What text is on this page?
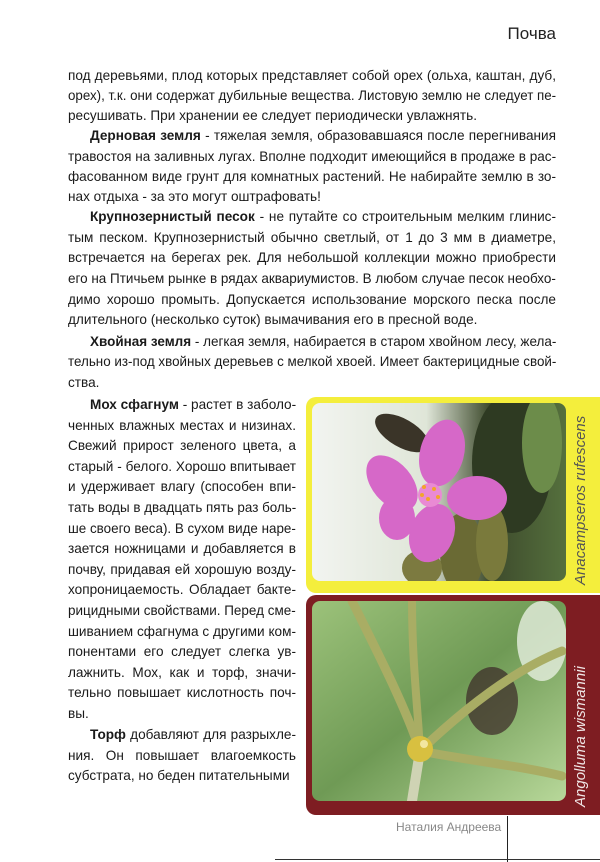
Почва
под деревьями, плод которых представляет собой орех (ольха, каштан, дуб,
орех), т.к. они содержат дубильные вещества. Листовую землю не следует пе-
ресушивать. При хранении ее следует периодически увлажнять.
Дерновая земля - тяжелая земля, образовавшаяся после перегнивания
травостоя на заливных лугах. Вполне подходит имеющийся в продаже в рас-
фасованном виде грунт для комнатных растений. Не набирайте землю в зо-
нах отдыха - за это могут оштрафовать!
Крупнозернистый песок - не путайте со строительным мелким глинис-
тым песком. Крупнозернистый обычно светлый, от 1 до 3 мм в диаметре,
встречается на берегах рек. Для небольшой коллекции можно приобрести
его на Птичьем рынке в рядах аквариумистов. В любом случае песок необхо-
димо хорошо промыть. Допускается использование морского песка после
длительного (несколько суток) вымачивания его в пресной воде.
Хвойная земля - легкая земля, набирается в старом хвойном лесу, жела-
тельно из-под хвойных деревьев с мелкой хвоей. Имеет бактерицидные свой-
ства.
Мох сфагнум - растет в заболо-
ченных влажных местах и низинах.
Свежий прирост зеленого цвета, а
старый - белого. Хорошо впитывает
и удерживает влагу (способен впи-
тать воды в двадцать пять раз боль-
ше своего веса). В сухом виде наре-
зается ножницами и добавляется в
почву, придавая ей хорошую возду-
хопроницаемость. Обладает бакте-
рицидными свойствами. Перед сме-
шиванием сфагнума с другими ком-
понентами его следует слегка ув-
лажнить. Мох, как и торф, значи-
тельно повышает кислотность поч-
вы.
Торф добавляют для разрыхле-
ния. Он повышает влагоемкость
субстрата, но беден питательными
Anacampseros rufescens
Angolluma wismannii
Наталия Андреева
